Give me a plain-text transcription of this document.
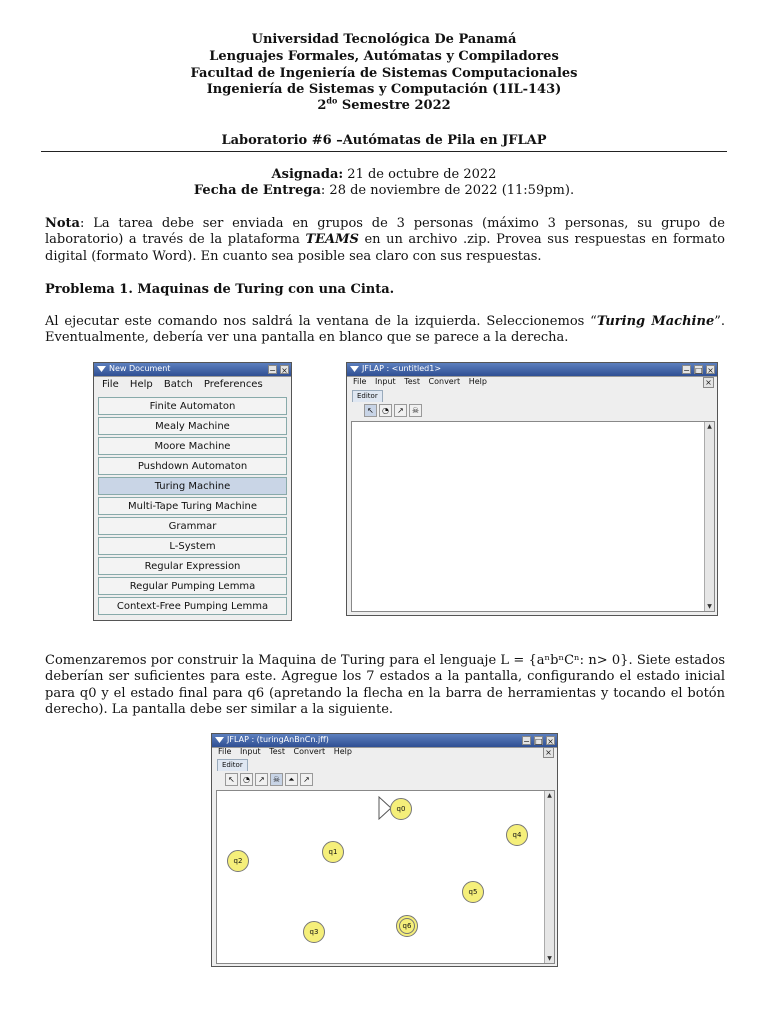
Universidad Tecnológica De Panamá
Lenguajes Formales, Autómatas y Compiladores
Facultad de Ingeniería de Sistemas Computacionales
Ingeniería de Sistemas y Computación (1IL-143)
$2^{do}$ Semestre 2022
Laboratorio #6 –Autómatas de Pila en JFLAP
Asignada: 21 de octubre de 2022
Fecha de Entrega: 28 de noviembre de 2022 (11:59pm).
Nota: La tarea debe ser enviada en grupos de 3 personas (máximo 3 personas, su grupo de laboratorio) a través de la plataforma TEAMS en un archivo .zip. Provea sus respuestas en formato digital (formato Word). En cuanto sea posible sea claro con sus respuestas.
Problema 1. Maquinas de Turing con una Cinta.
Al ejecutar este comando nos saldrá la ventana de la izquierda. Seleccionemos “Turing Machine”. Eventualmente, debería ver una pantalla en blanco que se parece a la derecha.
New Document	− ×
File Help Batch Preferences
Finite Automaton
Mealy Machine
Moore Machine
Pushdown Automaton
Turing Machine
Multi-Tape Turing Machine
Grammar
L-System
Regular Expression
Regular Pumping Lemma
Context-Free Pumping Lemma
JFLAP : <untitled1>	− □ ×
File Input Test Convert Help	×
Editor
↖	◔	↗	☠
▲
▼
Comenzaremos por construir la Maquina de Turing para el lenguaje L = {aⁿbⁿCⁿ: n> 0}. Siete estados deberían ser suficientes para este. Agregue los 7 estados a la pantalla, configurando el estado inicial para q0 y el estado final para q6 (apretando la flecha en la barra de herramientas y tocando el botón derecho). La pantalla debe ser similar a la siguiente.
JFLAP : (turingAnBnCn.jff)	− □ ×
File Input Test Convert Help	×
Editor
↖	◔	↗	☠	⏶	↗
q0
q1
q2
q3
q4
q5
q6
▲
▼
